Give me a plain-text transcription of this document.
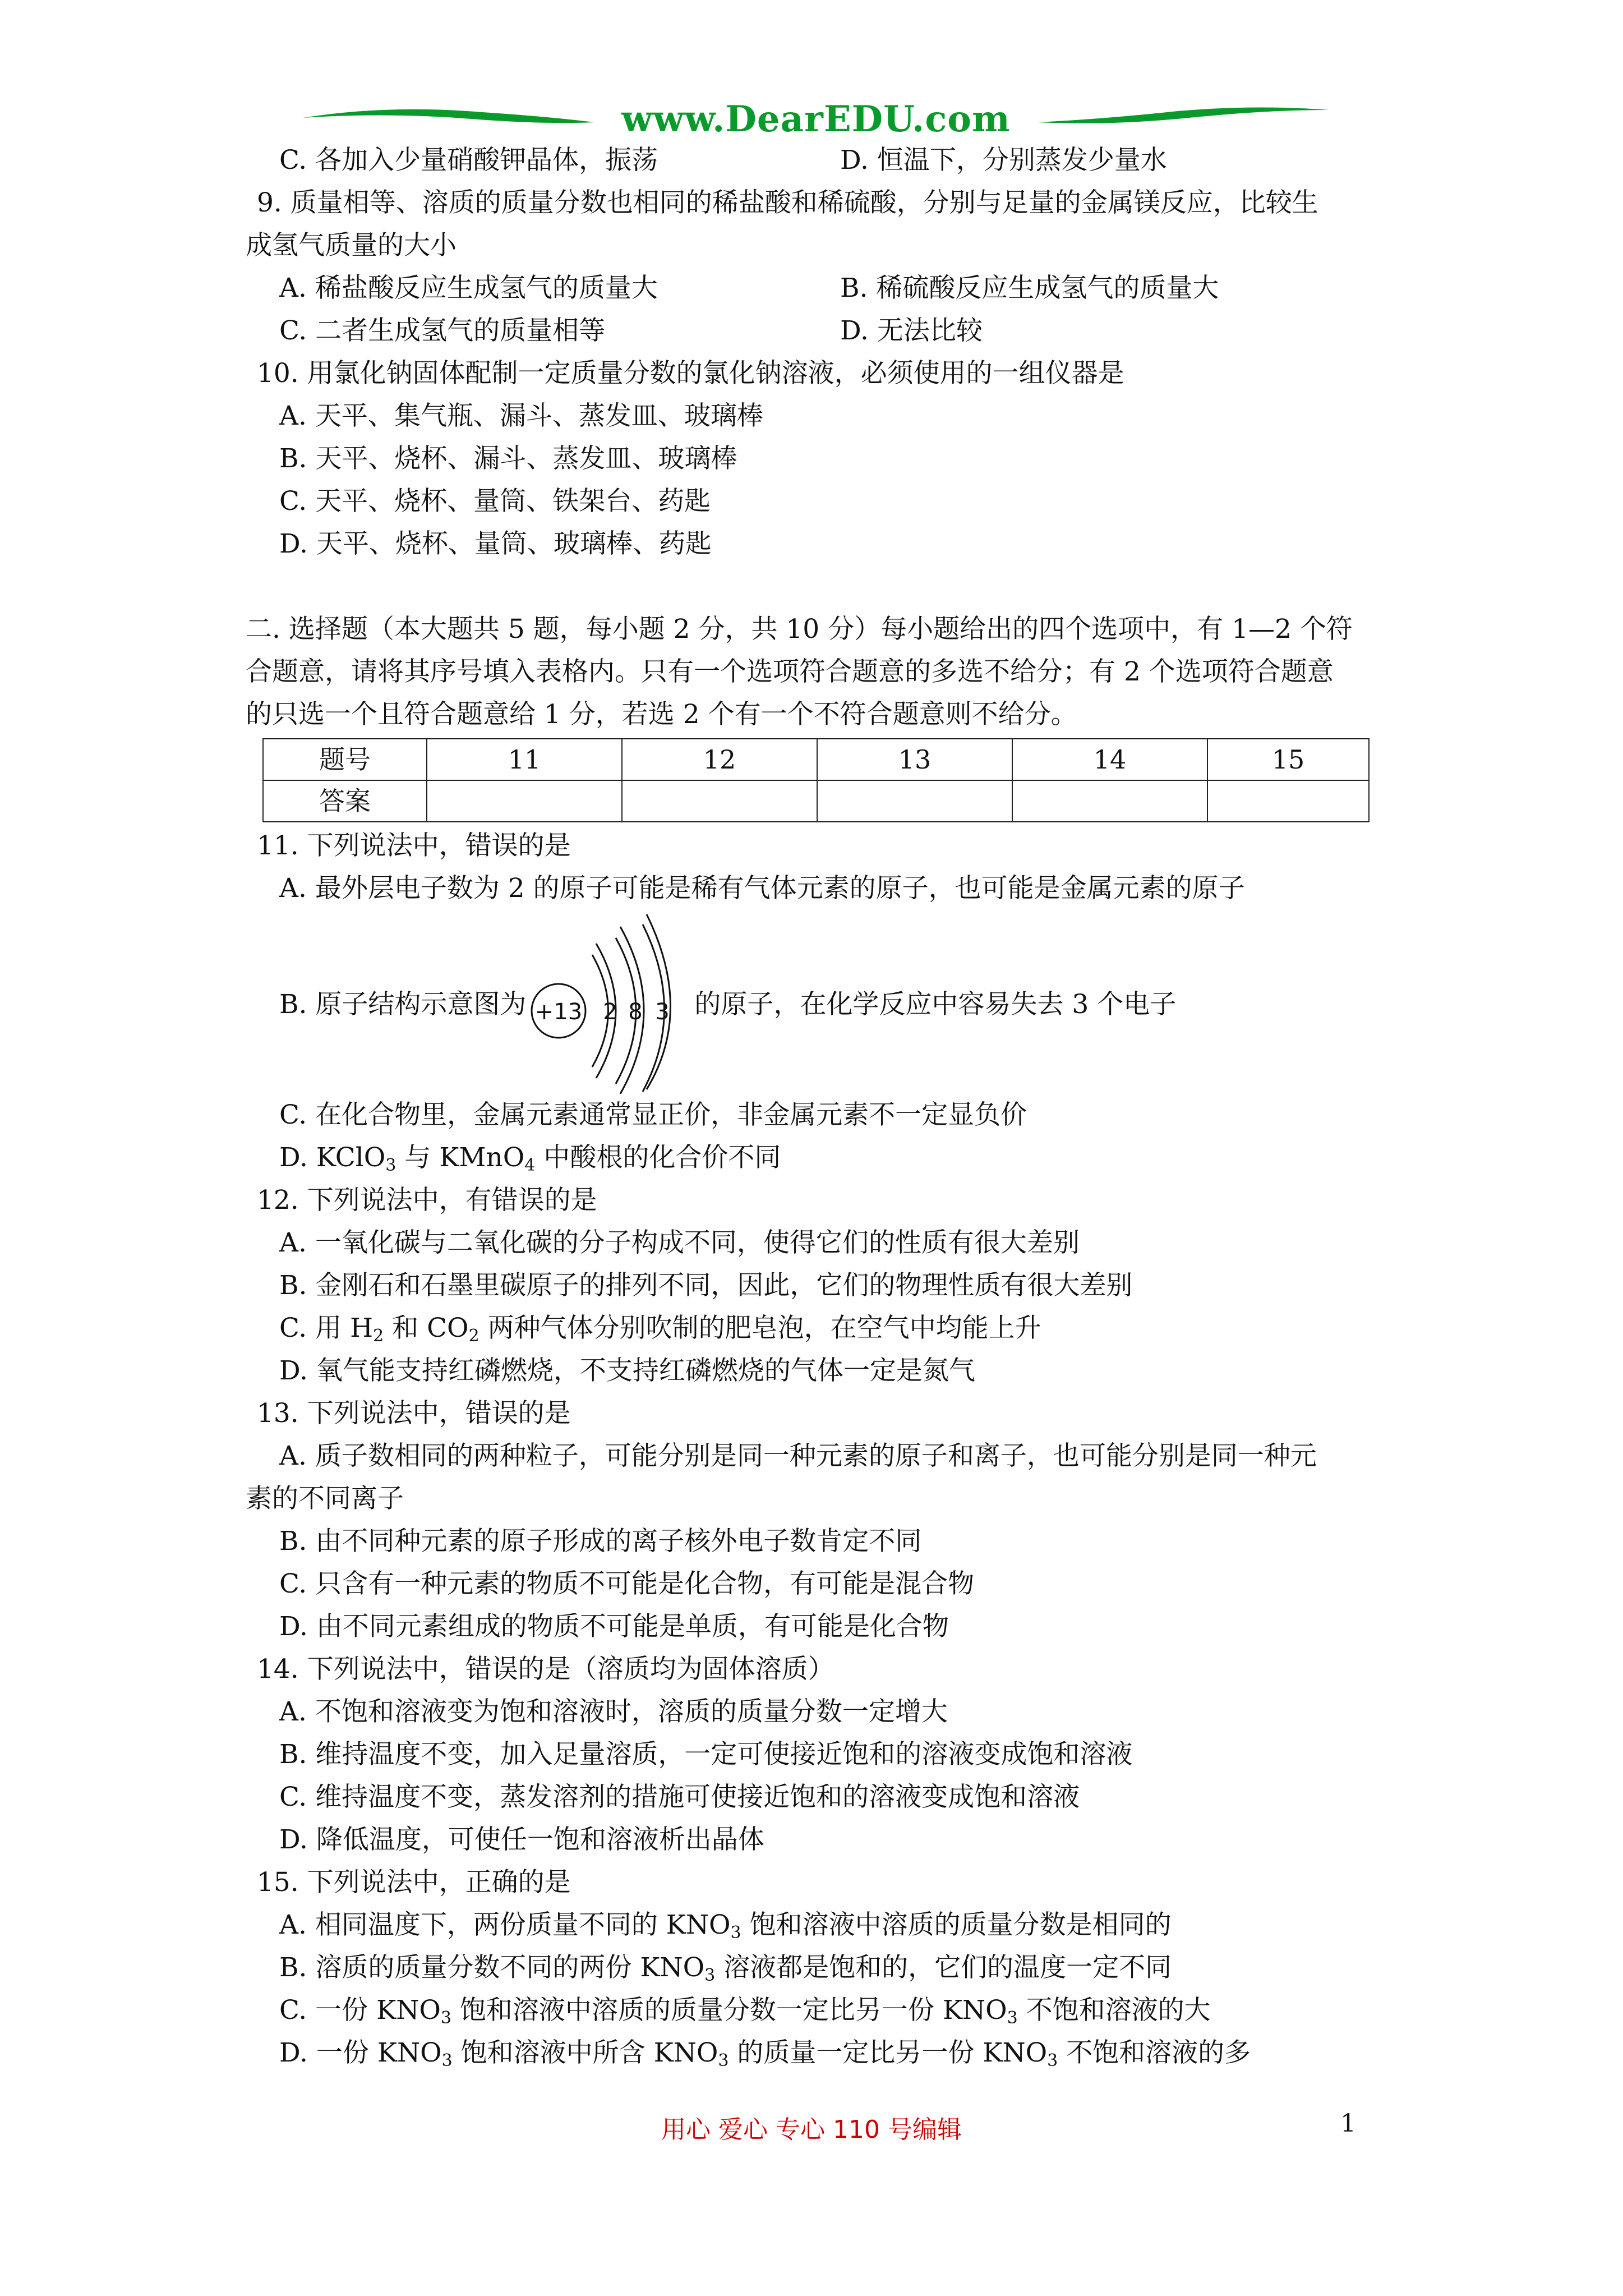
www.DearEDU.com
C. 各加入少量硝酸钾晶体，振荡	D. 恒温下，分别蒸发少量水
9. 质量相等、溶质的质量分数也相同的稀盐酸和稀硫酸，分别与足量的金属镁反应，比较生
成氢气质量的大小
A. 稀盐酸反应生成氢气的质量大	B. 稀硫酸反应生成氢气的质量大
C. 二者生成氢气的质量相等	D. 无法比较
10. 用氯化钠固体配制一定质量分数的氯化钠溶液，必须使用的一组仪器是
A. 天平、集气瓶、漏斗、蒸发皿、玻璃棒
B. 天平、烧杯、漏斗、蒸发皿、玻璃棒
C. 天平、烧杯、量筒、铁架台、药匙
D. 天平、烧杯、量筒、玻璃棒、药匙
二. 选择题（本大题共 5 题，每小题 2 分，共 10 分）每小题给出的四个选项中，有 1—2 个符
合题意，请将其序号填入表格内。只有一个选项符合题意的多选不给分；有 2 个选项符合题意
的只选一个且符合题意给 1 分，若选 2 个有一个不符合题意则不给分。
题号	11	12	13	14	15
答案					
11. 下列说法中，错误的是
A. 最外层电子数为 2 的原子可能是稀有气体元素的原子，也可能是金属元素的原子
B. 原子结构示意图为 +13 2 8 3 的原子，在化学反应中容易失去 3 个电子
C. 在化合物里，金属元素通常显正价，非金属元素不一定显负价
D. KClO$_3$ 与 KMnO$_4$ 中酸根的化合价不同
12. 下列说法中，有错误的是
A. 一氧化碳与二氧化碳的分子构成不同，使得它们的性质有很大差别
B. 金刚石和石墨里碳原子的排列不同，因此，它们的物理性质有很大差别
C. 用 $H_2$ 和 $CO_2$ 两种气体分别吹制的肥皂泡，在空气中均能上升
D. 氧气能支持红磷燃烧，不支持红磷燃烧的气体一定是氮气
13. 下列说法中，错误的是
A. 质子数相同的两种粒子，可能分别是同一种元素的原子和离子，也可能分别是同一种元
素的不同离子
B. 由不同种元素的原子形成的离子核外电子数肯定不同
C. 只含有一种元素的物质不可能是化合物，有可能是混合物
D. 由不同元素组成的物质不可能是单质，有可能是化合物
14. 下列说法中，错误的是（溶质均为固体溶质）
A. 不饱和溶液变为饱和溶液时，溶质的质量分数一定增大
B. 维持温度不变，加入足量溶质，一定可使接近饱和的溶液变成饱和溶液
C. 维持温度不变，蒸发溶剂的措施可使接近饱和的溶液变成饱和溶液
D. 降低温度，可使任一饱和溶液析出晶体
15. 下列说法中，正确的是
A. 相同温度下，两份质量不同的 $KNO_3$ 饱和溶液中溶质的质量分数是相同的
B. 溶质的质量分数不同的两份 $KNO_3$ 溶液都是饱和的，它们的温度一定不同
C. 一份 $KNO_3$ 饱和溶液中溶质的质量分数一定比另一份 $KNO_3$ 不饱和溶液的大
D. 一份 $KNO_3$ 饱和溶液中所含 $KNO_3$ 的质量一定比另一份 $KNO_3$ 不饱和溶液的多
用心 爱心 专心 110 号编辑	1
